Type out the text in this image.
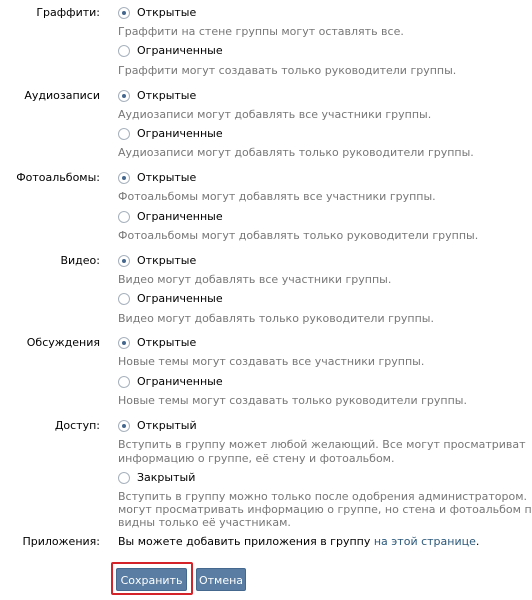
Граффити:	Открытые
Граффити на стене группы могут оставлять все.
Ограниченные
Граффити могут создавать только руководители группы.
Аудиозаписи	Открытые
Аудиозаписи могут добавлять все участники группы.
Ограниченные
Аудиозаписи могут добавлять только руководители группы.
Фотоальбомы:	Открытые
Фотоальбомы могут добавлять все участники группы.
Ограниченные
Фотоальбомы могут добавлять только руководители группы.
Видео:	Открытые
Видео могут добавлять все участники группы.
Ограниченные
Видео могут добавлять только руководители группы.
Обсуждения	Открытые
Новые темы могут создавать все участники группы.
Ограниченные
Новые темы могут создавать только руководители группы.
Доступ:	Открытый
Вступить в группу может любой желающий. Все могут просматриват
информацию о группе, её стену и фотоальбом.
Закрытый
Вступить в группу можно только после одобрения администратором.
могут просматривать информацию о группе, но стена и фотоальбом п
видны только её участникам.
Приложения: Вы можете добавить приложения в группу на этой странице.
Сохранить	Отмена
